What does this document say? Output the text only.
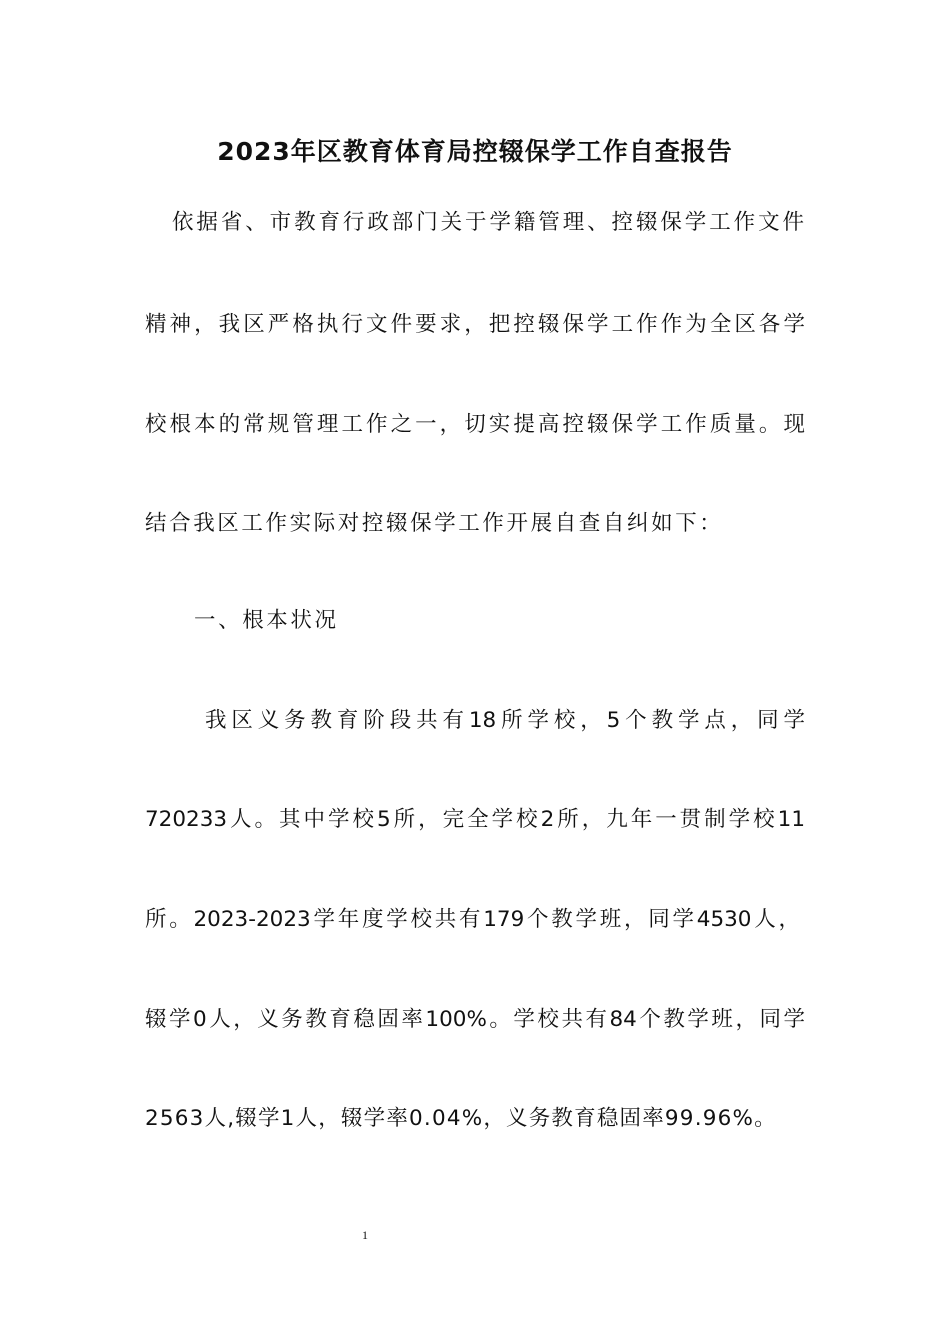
2023年区教育体育局控辍保学工作自查报告
依据省、市教育行政部门关于学籍管理、控辍保学工作文件
精神，我区严格执行文件要求，把控辍保学工作作为全区各学
校根本的常规管理工作之一，切实提高控辍保学工作质量。现
结合我区工作实际对控辍保学工作开展自查自纠如下：
一、根本状况
我区义务教育阶段共有18所学校，5个教学点，同学
720233人。其中学校5所，完全学校2所，九年一贯制学校11
所。2023-2023学年度学校共有179个教学班，同学4530人，
辍学0人，义务教育稳固率100%。学校共有84个教学班，同学
2563人,辍学1人，辍学率0.04%，义务教育稳固率99.96%。
1
